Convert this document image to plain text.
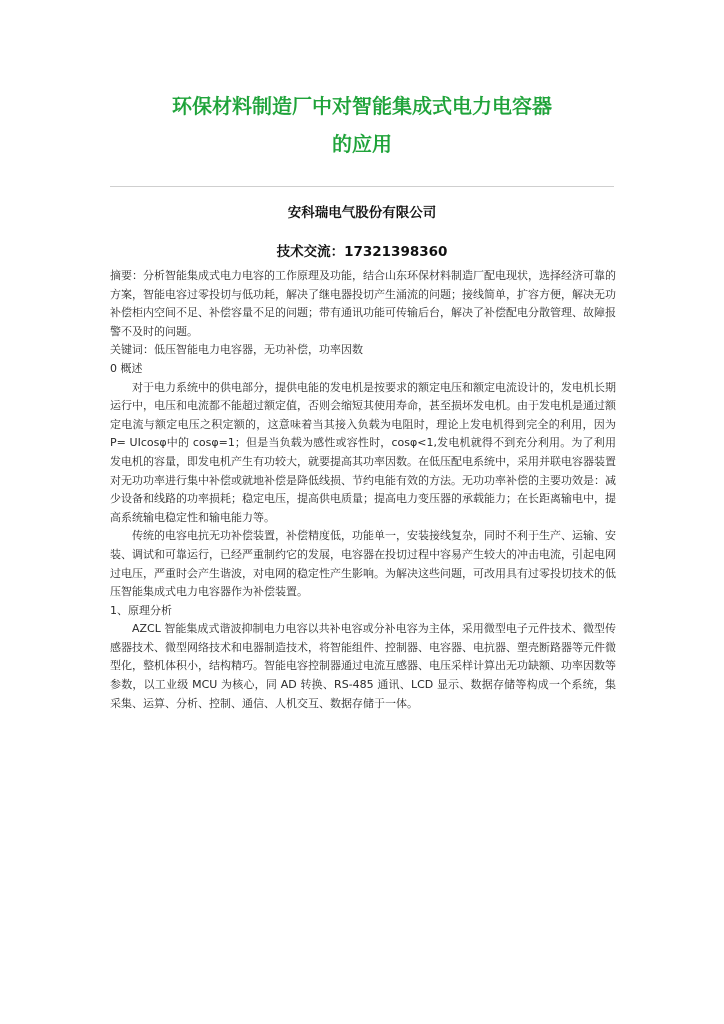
环保材料制造厂中对智能集成式电力电容器
的应用

安科瑞电气股份有限公司

技术交流：17321398360

摘要：分析智能集成式电力电容的工作原理及功能，结合山东环保材料制造厂配电现状，选择经济可靠的方案，智能电容过零投切与低功耗，解决了继电器投切产生涌流的问题；接线简单，扩容方便，解决无功补偿柜内空间不足、补偿容量不足的问题；带有通讯功能可传输后台，解决了补偿配电分散管理、故障报警不及时的问题。

关键词：低压智能电力电容器，无功补偿，功率因数

0 概述

对于电力系统中的供电部分，提供电能的发电机是按要求的额定电压和额定电流设计的，发电机长期运行中，电压和电流都不能超过额定值，否则会缩短其使用寿命，甚至损坏发电机。由于发电机是通过额定电流与额定电压之积定额的，这意味着当其接入负载为电阻时，理论上发电机得到完全的利用，因为 P= UIcosφ中的 cosφ=1；但是当负载为感性或容性时，cosφ<1,发电机就得不到充分利用。为了利用发电机的容量，即发电机产生有功较大，就要提高其功率因数。在低压配电系统中，采用并联电容器装置对无功功率进行集中补偿或就地补偿是降低线损、节约电能有效的方法。无功功率补偿的主要功效是：减少设备和线路的功率损耗；稳定电压，提高供电质量；提高电力变压器的承载能力；在长距离输电中，提高系统输电稳定性和输电能力等。

传统的电容电抗无功补偿装置，补偿精度低，功能单一，安装接线复杂，同时不利于生产、运输、安装、调试和可靠运行，已经严重制约它的发展，电容器在投切过程中容易产生较大的冲击电流，引起电网过电压，严重时会产生谐波，对电网的稳定性产生影响。为解决这些问题，可改用具有过零投切技术的低压智能集成式电力电容器作为补偿装置。

1、原理分析

AZCL 智能集成式谐波抑制电力电容以共补电容或分补电容为主体，采用微型电子元件技术、微型传感器技术、微型网络技术和电器制造技术，将智能组件、控制器、电容器、电抗器、塑壳断路器等元件微型化，整机体积小，结构精巧。智能电容控制器通过电流互感器、电压采样计算出无功缺额、功率因数等参数，以工业级 MCU 为核心，同 AD 转换、RS-485 通讯、LCD 显示、数据存储等构成一个系统，集采集、运算、分析、控制、通信、人机交互、数据存储于一体。
